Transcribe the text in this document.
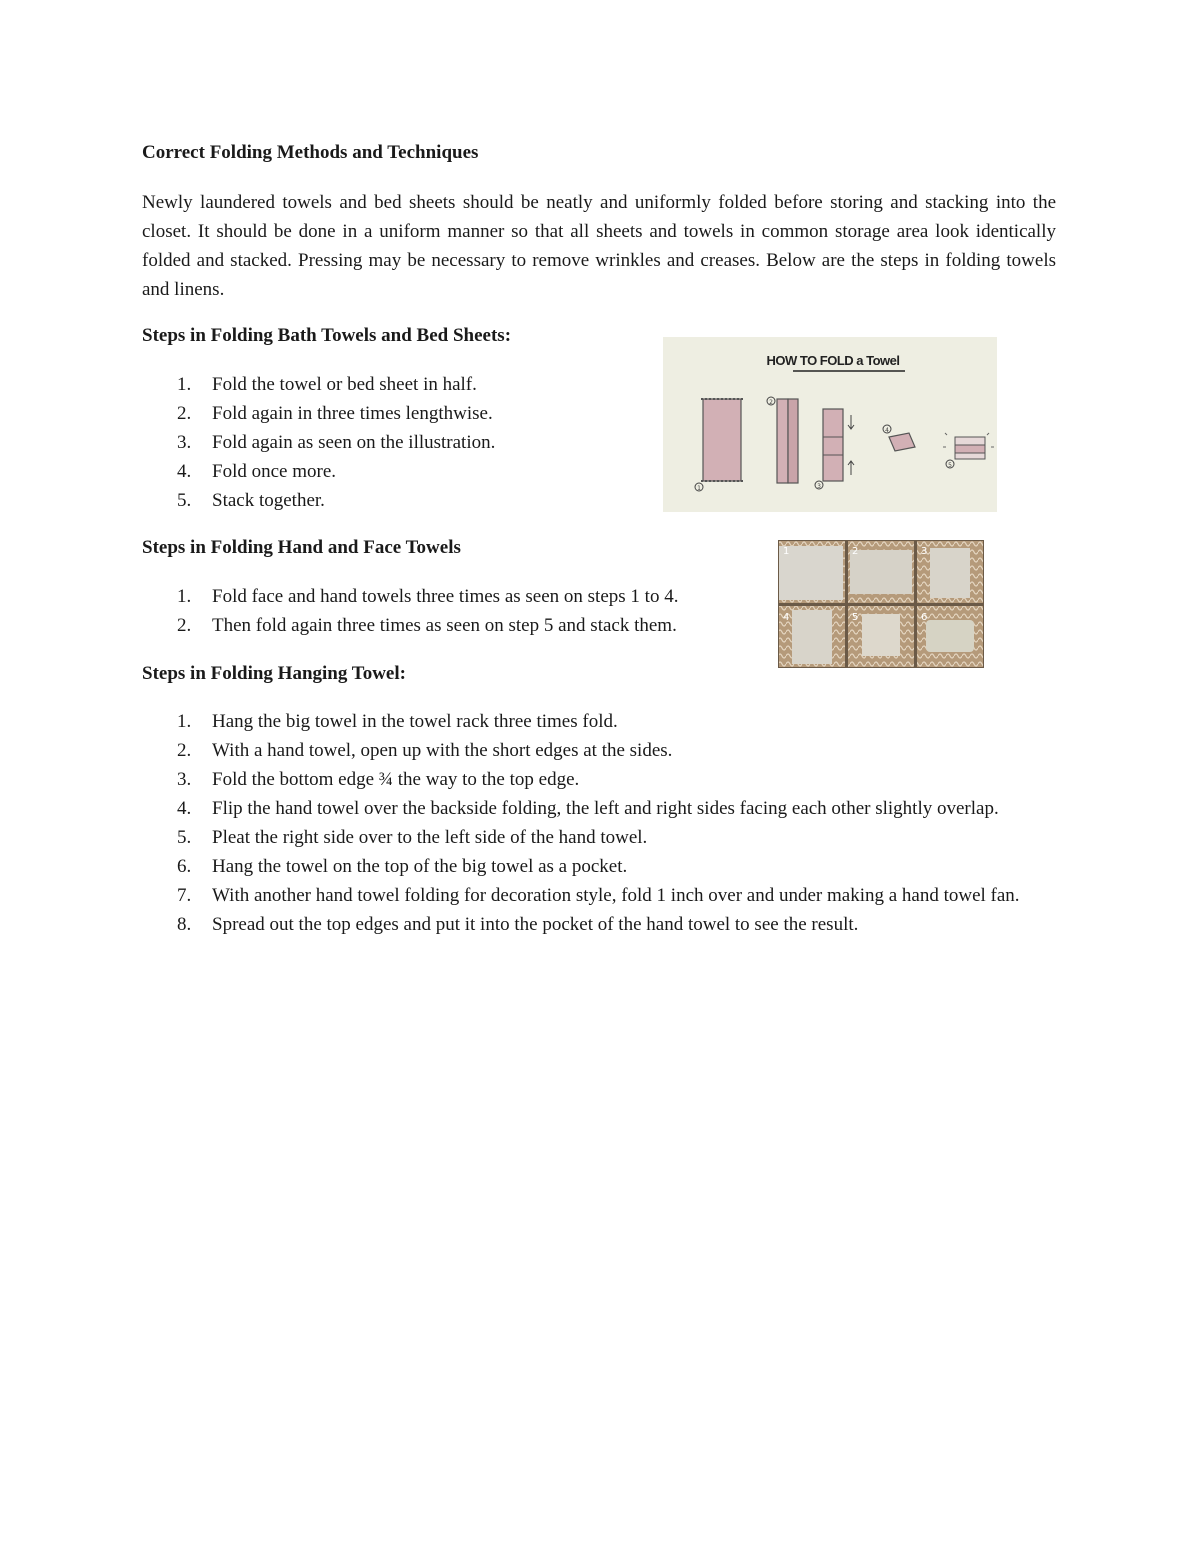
Correct Folding Methods and Techniques

Newly laundered towels and bed sheets should be neatly and uniformly folded before storing and stacking into the closet. It should be done in a uniform manner so that all sheets and towels in common storage area look identically folded and stacked. Pressing may be necessary to remove wrinkles and creases. Below are the steps in folding towels and linens.

Steps in Folding Bath Towels and Bed Sheets:
1. Fold the towel or bed sheet in half.
2. Fold again in three times lengthwise.
3. Fold again as seen on the illustration.
4. Fold once more.
5. Stack together.
HOW TO FOLD a Towel
1
2
3
4
5
Steps in Folding Hand and Face Towels
1. Fold face and hand towels three times as seen on steps 1 to 4.
2. Then fold again three times as seen on step 5 and stack them.
1	2	3
4	5	6
Steps in Folding Hanging Towel:
1. Hang the big towel in the towel rack three times fold.
2. With a hand towel, open up with the short edges at the sides.
3. Fold the bottom edge ¾ the way to the top edge.
4. Flip the hand towel over the backside folding, the left and right sides facing each other slightly overlap.
5. Pleat the right side over to the left side of the hand towel.
6. Hang the towel on the top of the big towel as a pocket.
7. With another hand towel folding for decoration style, fold 1 inch over and under making a hand towel fan.
8. Spread out the top edges and put it into the pocket of the hand towel to see the result.
